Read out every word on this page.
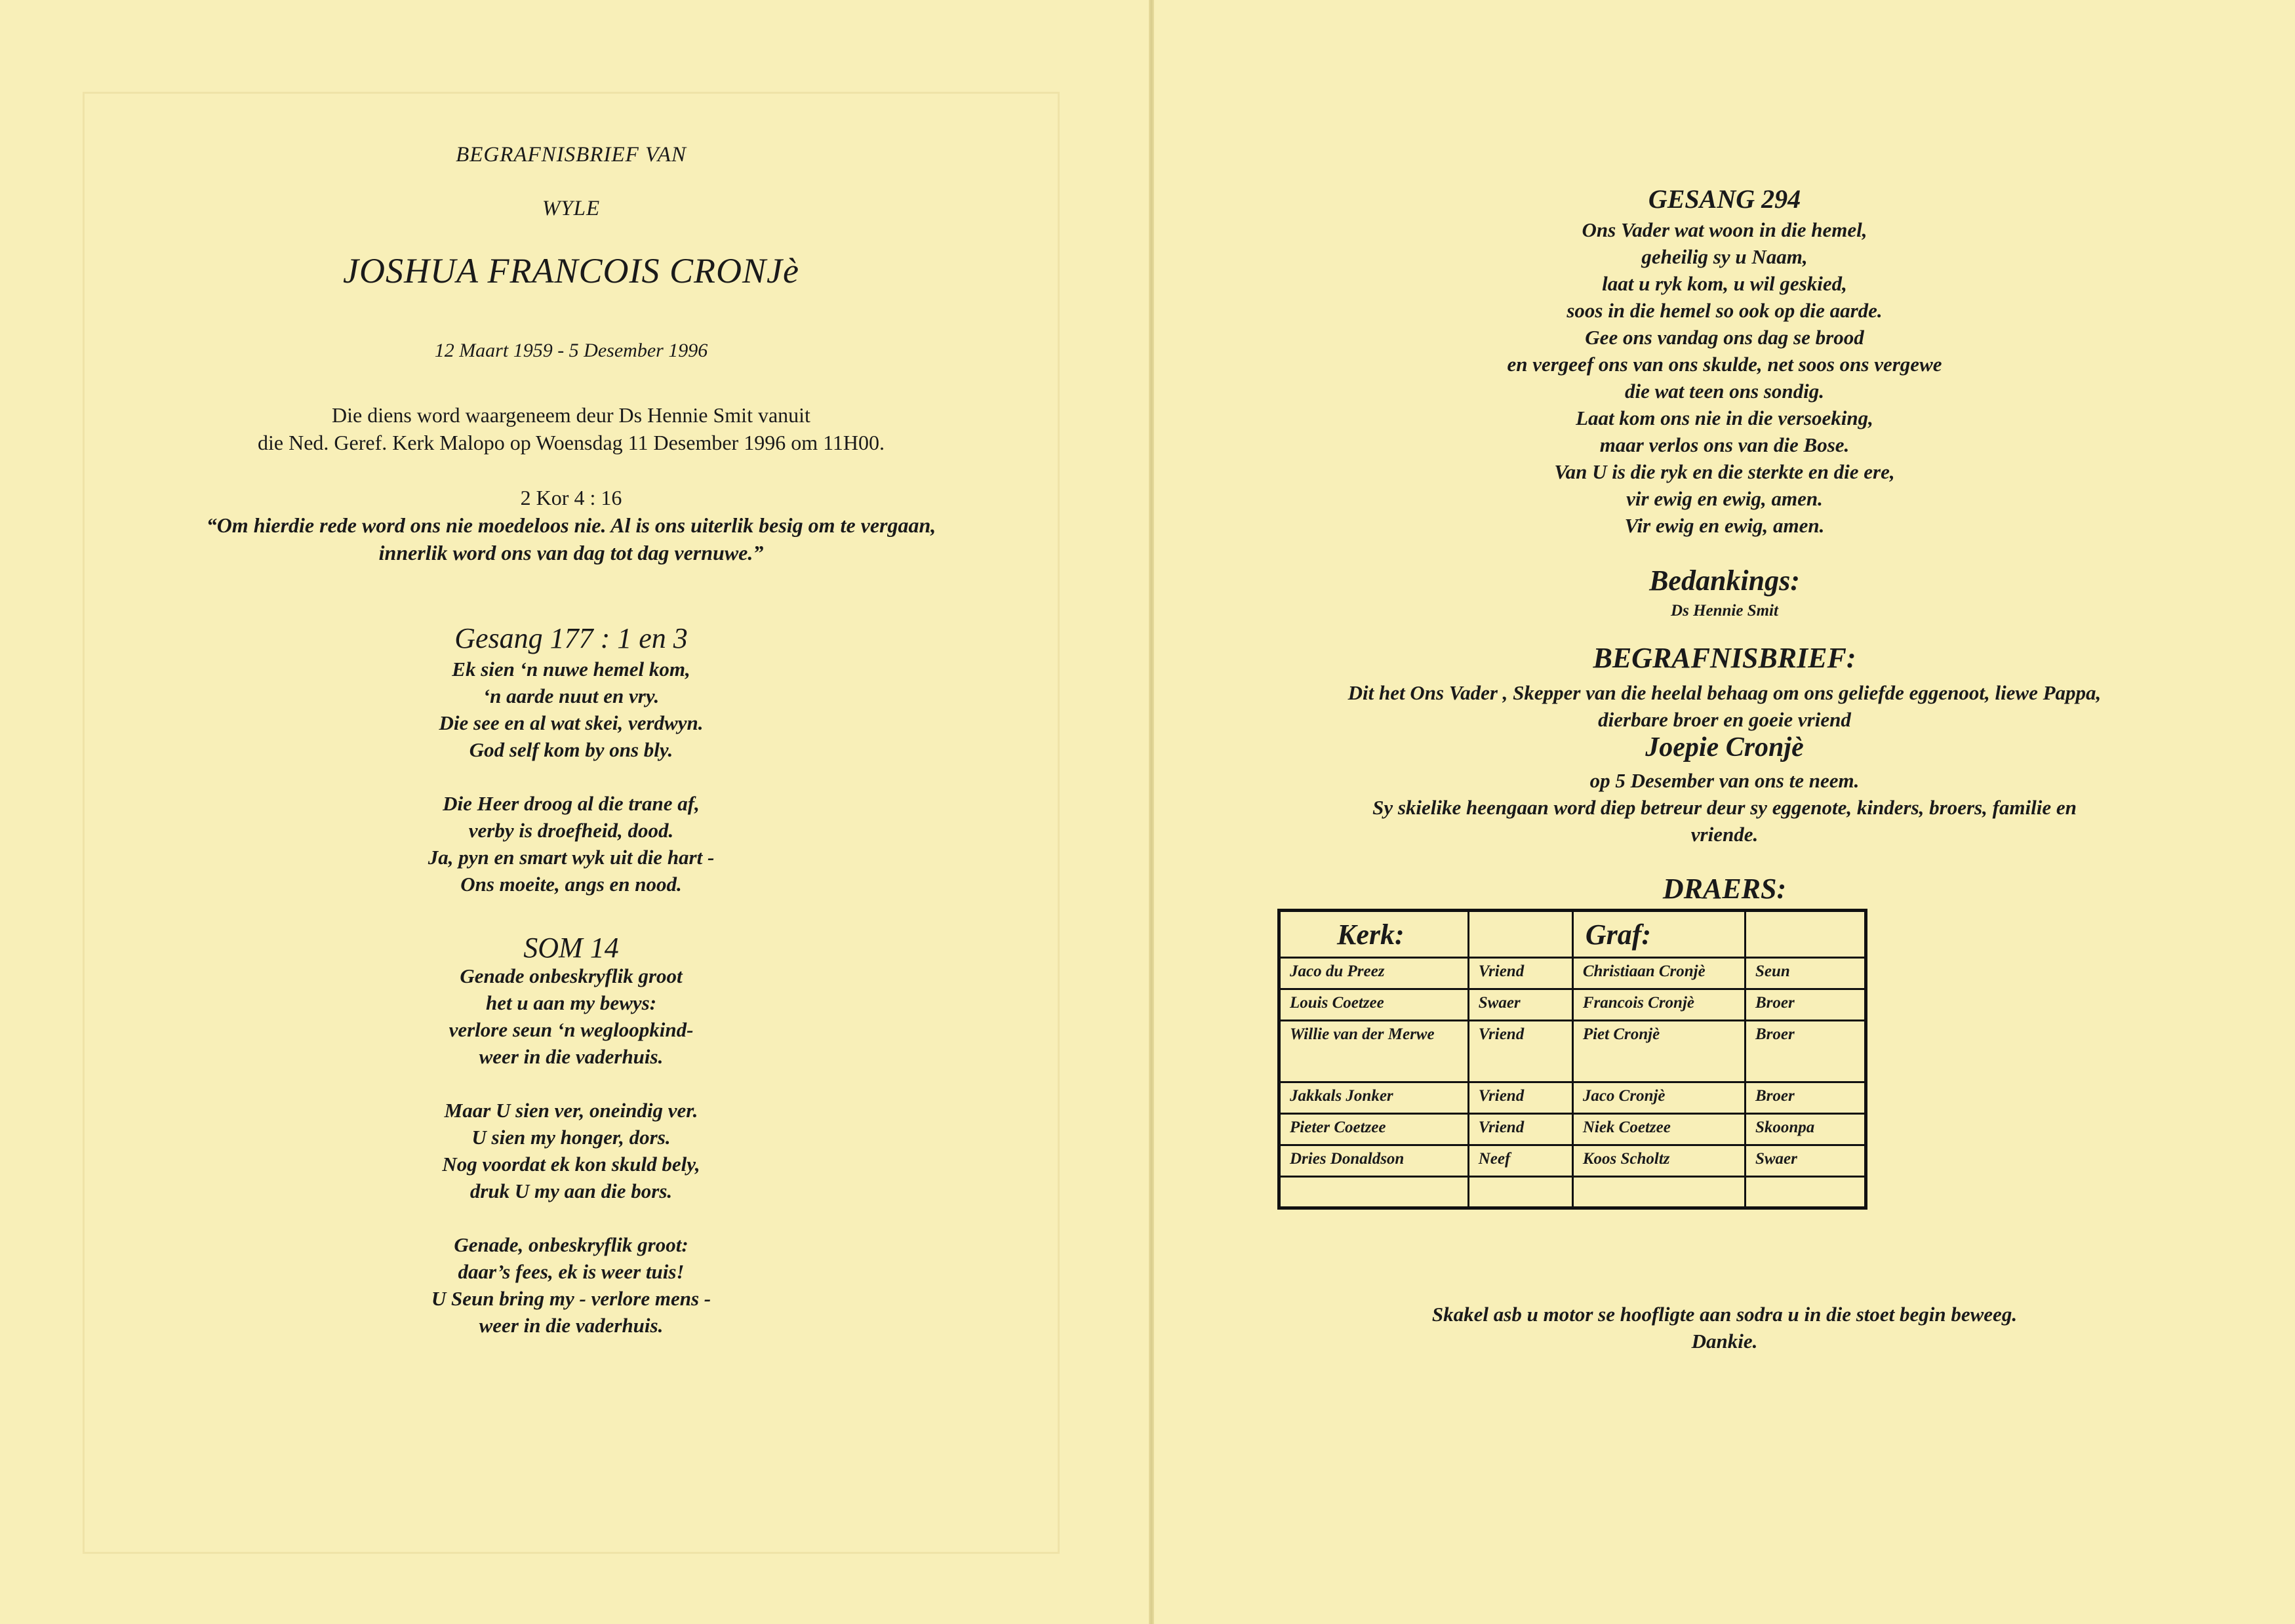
BEGRAFNISBRIEF VAN
WYLE
JOSHUA FRANCOIS CRONJè
12 Maart 1959 - 5 Desember 1996
Die diens word waargeneem deur Ds Hennie Smit vanuit
die Ned. Geref. Kerk Malopo op Woensdag 11 Desember 1996 om 11H00.
2 Kor 4 : 16
“Om hierdie rede word ons nie moedeloos nie. Al is ons uiterlik besig om te vergaan,
innerlik word ons van dag tot dag vernuwe.”
Gesang 177 : 1 en 3
Ek sien ‘n nuwe hemel kom,
‘n aarde nuut en vry.
Die see en al wat skei, verdwyn.
God self kom by ons bly.

Die Heer droog al die trane af,
verby is droefheid, dood.
Ja, pyn en smart wyk uit die hart -
Ons moeite, angs en nood.
SOM 14
Genade onbeskryflik groot
het u aan my bewys:
verlore seun ‘n wegloopkind-
weer in die vaderhuis.

Maar U sien ver, oneindig ver.
U sien my honger, dors.
Nog voordat ek kon skuld bely,
druk U my aan die bors.

Genade, onbeskryflik groot:
daar’s fees, ek is weer tuis!
U Seun bring my - verlore mens -
weer in die vaderhuis.
GESANG 294
Ons Vader wat woon in die hemel,
geheilig sy u Naam,
laat u ryk kom, u wil geskied,
soos in die hemel so ook op die aarde.
Gee ons vandag ons dag se brood
en vergeef ons van ons skulde, net soos ons vergewe
die wat teen ons sondig.
Laat kom ons nie in die versoeking,
maar verlos ons van die Bose.
Van U is die ryk en die sterkte en die ere,
vir ewig en ewig, amen.
Vir ewig en ewig, amen.
Bedankings:
Ds Hennie Smit
BEGRAFNISBRIEF:
Dit het Ons Vader , Skepper van die heelal behaag om ons geliefde eggenoot, liewe Pappa,
dierbare broer en goeie vriend
Joepie Cronjè
op 5 Desember van ons te neem.
Sy skielike heengaan word diep betreur deur sy eggenote, kinders, broers, familie en
vriende.
DRAERS:
Kerk:		Graf:	
Jaco du Preez	Vriend	Christiaan Cronjè	Seun
Louis Coetzee	Swaer	Francois Cronjè	Broer
Willie van der Merwe	Vriend	Piet Cronjè	Broer
Jakkals Jonker	Vriend	Jaco Cronjè	Broer
Pieter Coetzee	Vriend	Niek Coetzee	Skoonpa
Dries Donaldson	Neef	Koos Scholtz	Swaer

Skakel asb u motor se hoofligte aan sodra u in die stoet begin beweeg.
Dankie.
